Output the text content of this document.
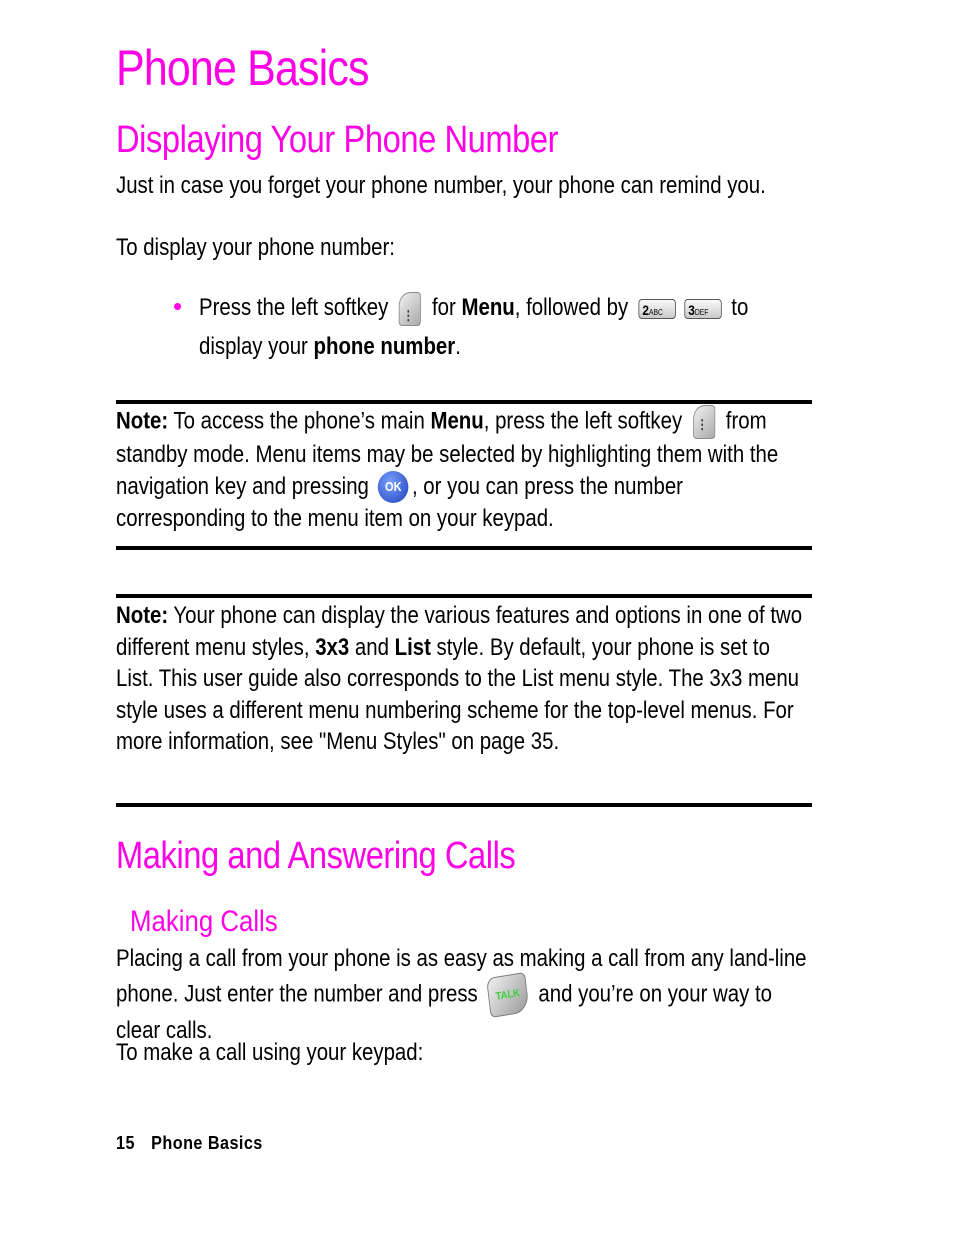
Phone Basics
Displaying Your Phone Number
Just in case you forget your phone number, your phone can remind you.
To display your phone number:
• Press the left softkey ⁝ for Menu, followed by 2ABC 3DEF to display your phone number.
Note: To access the phone’s main Menu, press the left softkey ⁝ from standby mode. Menu items may be selected by highlighting them with the navigation key and pressing OK , or you can press the number corresponding to the menu item on your keypad.
Note: Your phone can display the various features and options in one of two different menu styles, 3x3 and List style. By default, your phone is set to List. This user guide also corresponds to the List menu style. The 3x3 menu style uses a different menu numbering scheme for the top-level menus. For more information, see "Menu Styles" on page 35.
Making and Answering Calls
Making Calls
Placing a call from your phone is as easy as making a call from any land-line phone. Just enter the number and press TALK and you’re on your way to clear calls.
To make a call using your keypad:
15 Phone Basics
